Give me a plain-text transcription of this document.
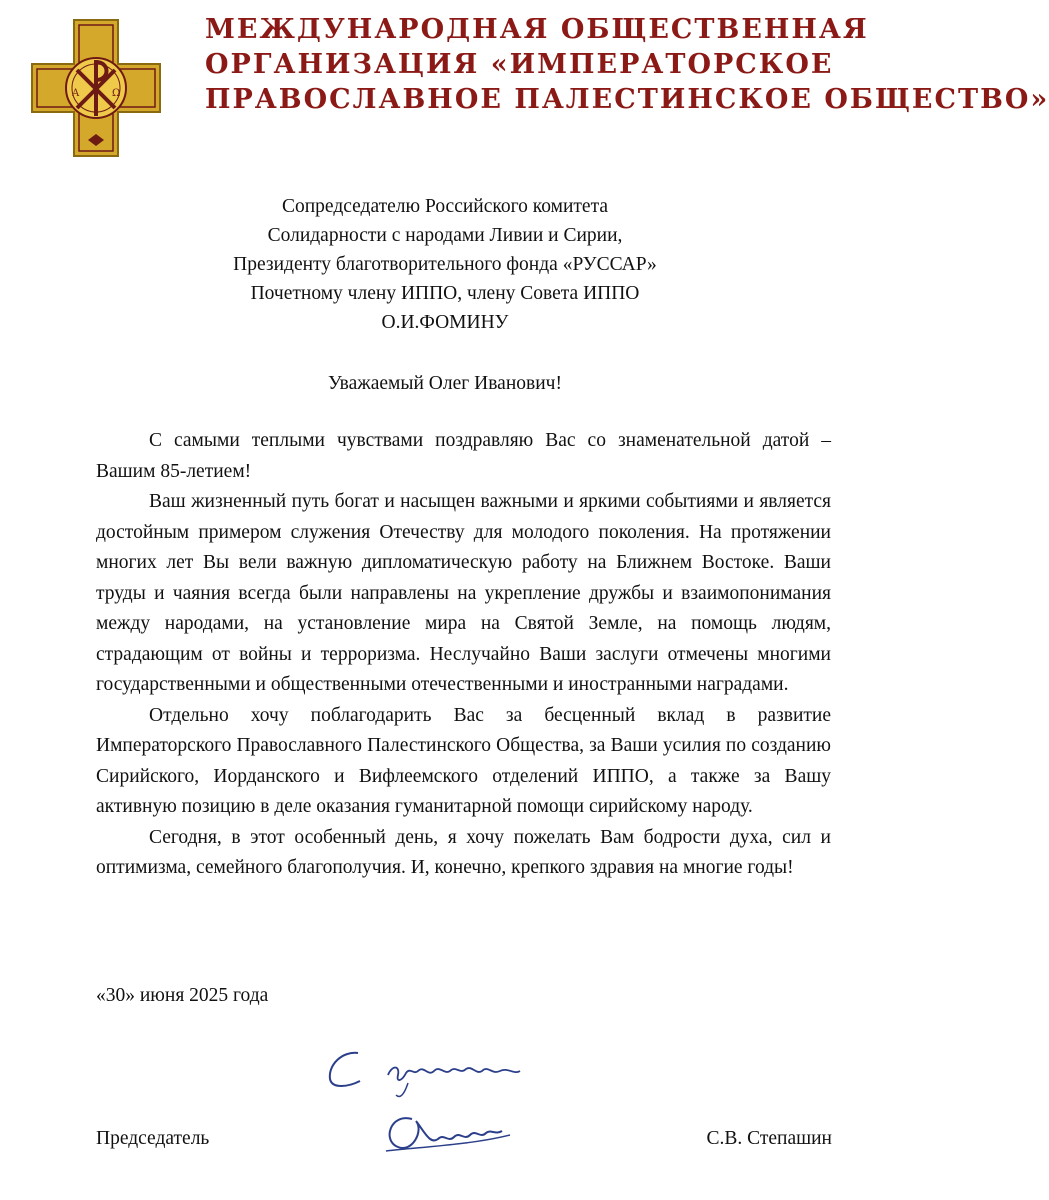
Α	Ω
МЕЖДУНАРОДНАЯ ОБЩЕСТВЕННАЯ
ОРГАНИЗАЦИЯ «ИМПЕРАТОРСКОЕ
ПРАВОСЛАВНОЕ ПАЛЕСТИНСКОЕ ОБЩЕСТВО»
Сопредседателю Российского комитета
Солидарности с народами Ливии и Сирии,
Президенту благотворительного фонда «РУССАР»
Почетному члену ИППО, члену Совета ИППО
О.И.ФОМИНУ
Уважаемый Олег Иванович!

С самыми теплыми чувствами поздравляю Вас со знаменательной датой – Вашим 85-летием!

Ваш жизненный путь богат и насыщен важными и яркими событиями и является достойным примером служения Отечеству для молодого поколения. На протяжении многих лет Вы вели важную дипломатическую работу на Ближнем Востоке. Ваши труды и чаяния всегда были направлены на укрепление дружбы и взаимопонимания между народами, на установление мира на Святой Земле, на помощь людям, страдающим от войны и терроризма. Неслучайно Ваши заслуги отмечены многими государственными и общественными отечественными и иностранными наградами.

Отдельно хочу поблагодарить Вас за бесценный вклад в развитие Императорского Православного Палестинского Общества, за Ваши усилия по созданию Сирийского, Иорданского и Вифлеемского отделений ИППО, а также за Вашу активную позицию в деле оказания гуманитарной помощи сирийскому народу.

Сегодня, в этот особенный день, я хочу пожелать Вам бодрости духа, сил и оптимизма, семейного благополучия. И, конечно, крепкого здравия на многие годы!

«30» июня 2025 года
Председатель	С.В. Степашин
